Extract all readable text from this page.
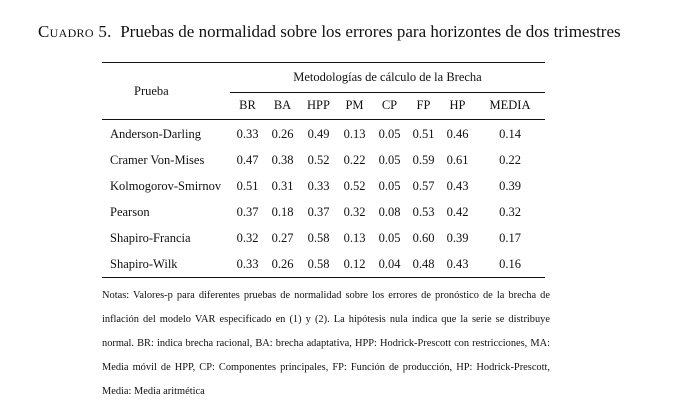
Cuadro 5. Pruebas de normalidad sobre los errores para horizontes de dos trimestres
Prueba	Metodologías de cálculo de la Brecha							
	BR	BA	HPP	PM	CP	FP	HP	MEDIA
Anderson-Darling	0.33	0.26	0.49	0.13	0.05	0.51	0.46	0.14
Cramer Von-Mises	0.47	0.38	0.52	0.22	0.05	0.59	0.61	0.22
Kolmogorov-Smirnov	0.51	0.31	0.33	0.52	0.05	0.57	0.43	0.39
Pearson	0.37	0.18	0.37	0.32	0.08	0.53	0.42	0.32
Shapiro-Francia	0.32	0.27	0.58	0.13	0.05	0.60	0.39	0.17
Shapiro-Wilk	0.33	0.26	0.58	0.12	0.04	0.48	0.43	0.16
Notas: Valores-p para diferentes pruebas de normalidad sobre los errores de pronóstico de la brecha de inflación del modelo VAR especificado en (1) y (2). La hipótesis nula indica que la serie se distribuye normal. BR: indica brecha racional, BA: brecha adaptativa, HPP: Hodrick-Prescott con restricciones, MA: Media móvil de HPP, CP: Componentes principales, FP: Función de producción, HP: Hodrick-Prescott, Media: Media aritmética
